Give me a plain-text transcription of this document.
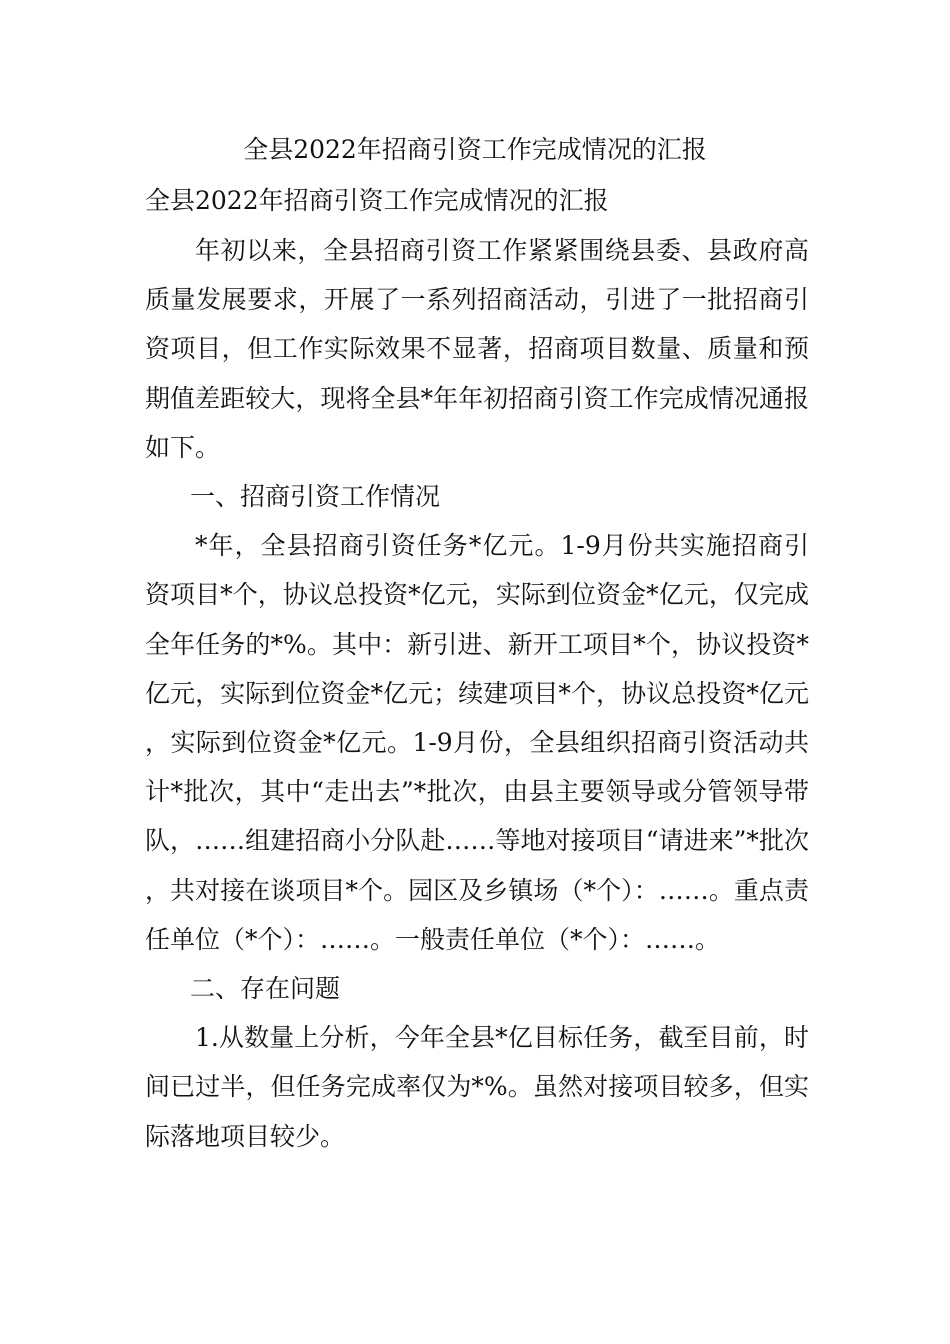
全县2022年招商引资工作完成情况的汇报
全县2022年招商引资工作完成情况的汇报

年初以来，全县招商引资工作紧紧围绕县委、县政府高质量发展要求，开展了一系列招商活动，引进了一批招商引资项目，但工作实际效果不显著，招商项目数量、质量和预期值差距较大，现将全县*年年初招商引资工作完成情况通报如下。

一、招商引资工作情况

*年，全县招商引资任务*亿元。1-9月份共实施招商引资项目*个，协议总投资*亿元，实际到位资金*亿元，仅完成全年任务的*%。其中：新引进、新开工项目*个，协议投资*亿元，实际到位资金*亿元；续建项目*个，协议总投资*亿元，实际到位资金*亿元。1-9月份，全县组织招商引资活动共计*批次，其中“走出去”*批次，由县主要领导或分管领导带队，……组建招商小分队赴……等地对接项目“请进来”*批次，共对接在谈项目*个。园区及乡镇场（*个）：……。重点责任单位（*个）：……。一般责任单位（*个）：……。

二、存在问题

1.从数量上分析，今年全县*亿目标任务，截至目前，时间已过半，但任务完成率仅为*%。虽然对接项目较多，但实际落地项目较少。
